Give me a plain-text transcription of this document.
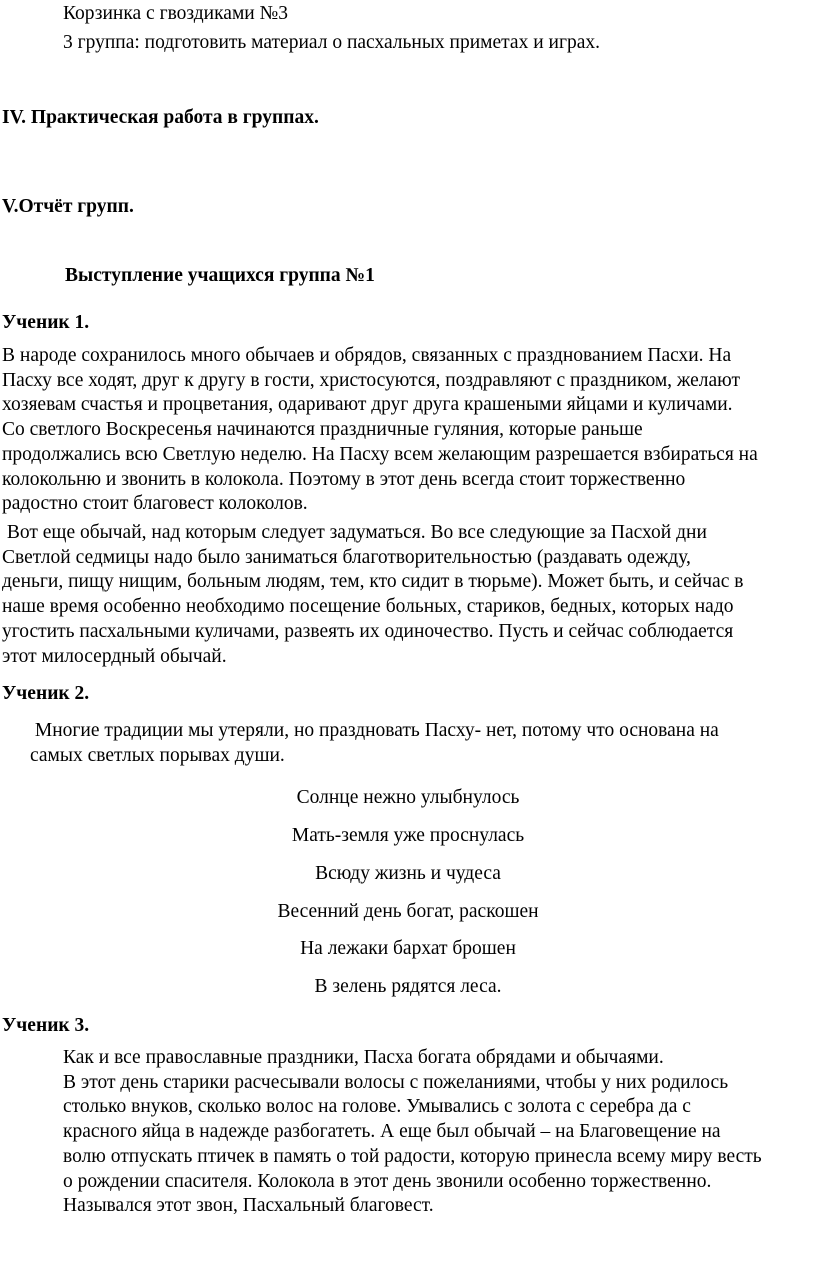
Корзинка с гвоздиками №3
3 группа: подготовить материал о пасхальных приметах и играх.
IV. Практическая работа в группах.
V.Отчёт групп.
Выступление учащихся группа №1
Ученик 1.
В народе сохранилось много обычаев и обрядов, связанных с празднованием Пасхи. На
Пасху все ходят, друг к другу в гости, христосуются, поздравляют с праздником, желают
хозяевам счастья и процветания, одаривают друг друга крашеными яйцами и куличами.
Со светлого Воскресенья начинаются праздничные гуляния, которые раньше
продолжались всю Светлую неделю. На Пасху всем желающим разрешается взбираться на
колокольню и звонить в колокола. Поэтому в этот день всегда стоит торжественно
радостно стоит благовест колоколов.
Вот еще обычай, над которым следует задуматься. Во все следующие за Пасхой дни
Светлой седмицы надо было заниматься благотворительностью (раздавать одежду,
деньги, пищу нищим, больным людям, тем, кто сидит в тюрьме). Может быть, и сейчас в
наше время особенно необходимо посещение больных, стариков, бедных, которых надо
угостить пасхальными куличами, развеять их одиночество. Пусть и сейчас соблюдается
этот милосердный обычай.
Ученик 2.
Многие традиции мы утеряли, но праздновать Пасху- нет, потому что основана на
самых светлых порывах души.
Солнце нежно улыбнулось
Мать-земля уже проснулась
Всюду жизнь и чудеса
Весенний день богат, раскошен
На лежаки бархат брошен
В зелень рядятся леса.
Ученик 3.
Как и все православные праздники, Пасха богата обрядами и обычаями.
В этот день старики расчесывали волосы с пожеланиями, чтобы у них родилось
столько внуков, сколько волос на голове. Умывались с золота с серебра да с
красного яйца в надежде разбогатеть. А еще был обычай – на Благовещение на
волю отпускать птичек в память о той радости, которую принесла всему миру весть
о рождении спасителя. Колокола в этот день звонили особенно торжественно.
Назывался этот звон, Пасхальный благовест.
